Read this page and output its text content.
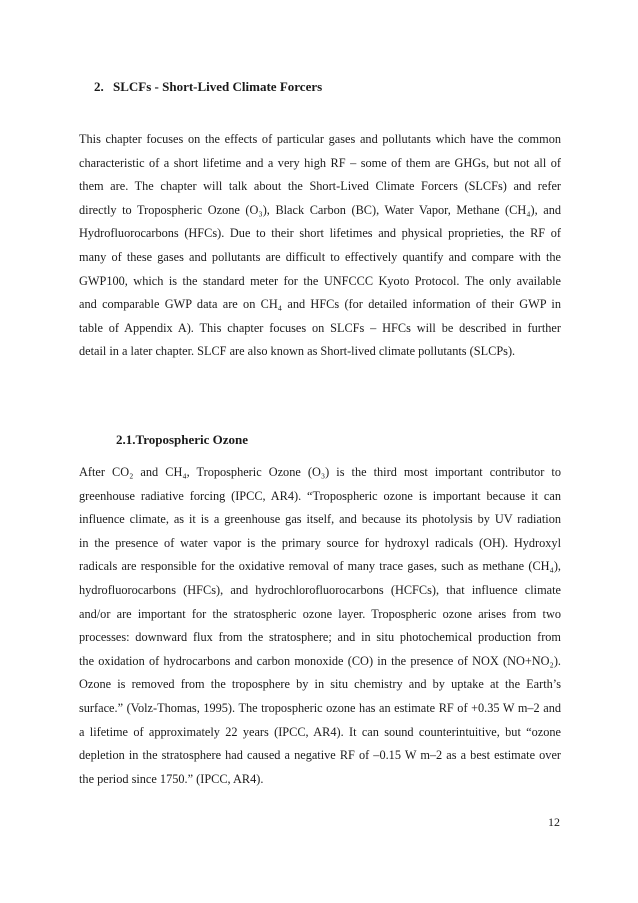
2. SLCFs - Short-Lived Climate Forcers
This chapter focuses on the effects of particular gases and pollutants which have the common
characteristic of a short lifetime and a very high RF – some of them are GHGs, but not all of
them are. The chapter will talk about the Short-Lived Climate Forcers (SLCFs) and refer
directly to Tropospheric Ozone (O₃), Black Carbon (BC), Water Vapor, Methane (CH₄), and
Hydrofluorocarbons (HFCs). Due to their short lifetimes and physical proprieties, the RF of
many of these gases and pollutants are difficult to effectively quantify and compare with the
GWP100, which is the standard meter for the UNFCCC Kyoto Protocol. The only available
and comparable GWP data are on CH₄ and HFCs (for detailed information of their GWP in
table of Appendix A). This chapter focuses on SLCFs – HFCs will be described in further
detail in a later chapter. SLCF are also known as Short-lived climate pollutants (SLCPs).
2.1.Tropospheric Ozone
After CO₂ and CH₄, Tropospheric Ozone (O₃) is the third most important contributor to
greenhouse radiative forcing (IPCC, AR4). “Tropospheric ozone is important because it can
influence climate, as it is a greenhouse gas itself, and because its photolysis by UV radiation
in the presence of water vapor is the primary source for hydroxyl radicals (OH). Hydroxyl
radicals are responsible for the oxidative removal of many trace gases, such as methane (CH₄),
hydrofluorocarbons (HFCs), and hydrochlorofluorocarbons (HCFCs), that influence climate
and/or are important for the stratospheric ozone layer. Tropospheric ozone arises from two
processes: downward flux from the stratosphere; and in situ photochemical production from
the oxidation of hydrocarbons and carbon monoxide (CO) in the presence of NOX (NO+NO₂).
Ozone is removed from the troposphere by in situ chemistry and by uptake at the Earth’s
surface.” (Volz-Thomas, 1995). The tropospheric ozone has an estimate RF of +0.35 W m–2 and
a lifetime of approximately 22 years (IPCC, AR4). It can sound counterintuitive, but “ozone
depletion in the stratosphere had caused a negative RF of –0.15 W m–2 as a best estimate over
the period since 1750.” (IPCC, AR4).
12
